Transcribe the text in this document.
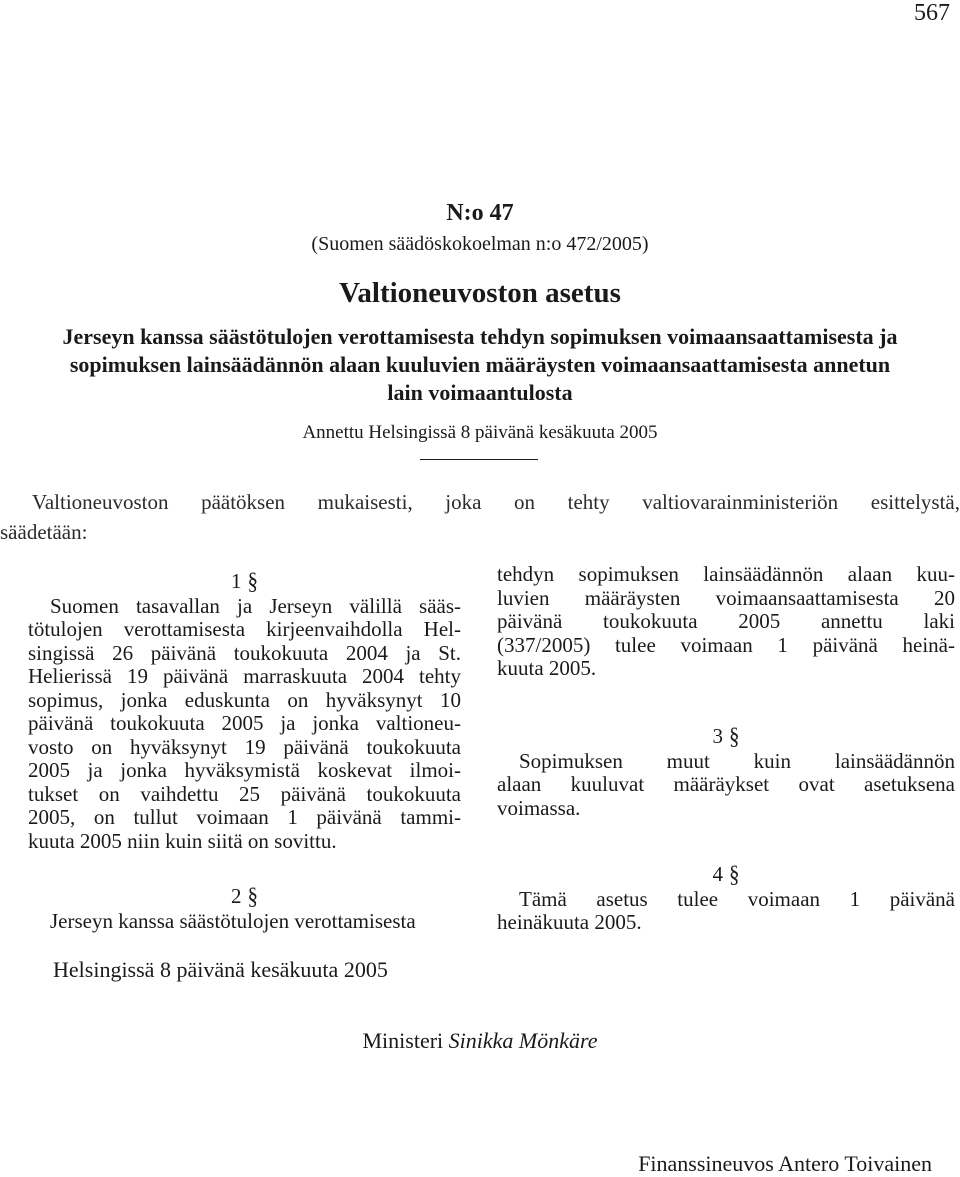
567
N:o 47
(Suomen säädöskokoelman n:o 472/2005)
Valtioneuvoston asetus
Jerseyn kanssa säästötulojen verottamisesta tehdyn sopimuksen voimaansaattamisesta ja
sopimuksen lainsäädännön alaan kuuluvien määräysten voimaansaattamisesta annetun
lain voimaantulosta
Annettu Helsingissä 8 päivänä kesäkuuta 2005
Valtioneuvoston päätöksen mukaisesti, joka on tehty valtiovarainministeriön esittelystä,
säädetään:
1 §
Suomen tasavallan ja Jerseyn välillä sääs-
tötulojen verottamisesta kirjeenvaihdolla Hel-
singissä 26 päivänä toukokuuta 2004 ja St.
Helierissä 19 päivänä marraskuuta 2004 tehty
sopimus, jonka eduskunta on hyväksynyt 10
päivänä toukokuuta 2005 ja jonka valtioneu-
vosto on hyväksynyt 19 päivänä toukokuuta
2005 ja jonka hyväksymistä koskevat ilmoi-
tukset on vaihdettu 25 päivänä toukokuuta
2005, on tullut voimaan 1 päivänä tammi-
kuuta 2005 niin kuin siitä on sovittu.
2 §
Jerseyn kanssa säästötulojen verottamisesta
tehdyn sopimuksen lainsäädännön alaan kuu-
luvien määräysten voimaansaattamisesta 20
päivänä toukokuuta 2005 annettu laki
(337/2005) tulee voimaan 1 päivänä heinä-
kuuta 2005.
3 §
Sopimuksen muut kuin lainsäädännön
alaan kuuluvat määräykset ovat asetuksena
voimassa.
4 §
Tämä asetus tulee voimaan 1 päivänä
heinäkuuta 2005.
Helsingissä 8 päivänä kesäkuuta 2005
Ministeri Sinikka Mönkäre
Finanssineuvos Antero Toivainen
